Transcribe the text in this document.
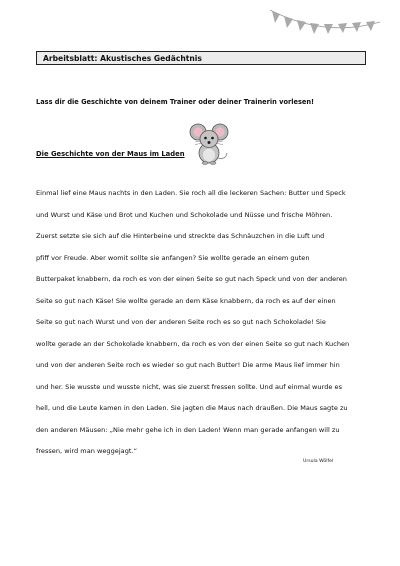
Arbeitsblatt: Akustisches Gedächtnis
Lass dir die Geschichte von deinem Trainer oder deiner Trainerin vorlesen!
Die Geschichte von der Maus im Laden
Einmal lief eine Maus nachts in den Laden. Sie roch all die leckeren Sachen: Butter und Speck
und Wurst und Käse und Brot und Kuchen und Schokolade und Nüsse und frische Möhren.
Zuerst setzte sie sich auf die Hinterbeine und streckte das Schnäuzchen in die Luft und
pfiff vor Freude. Aber womit sollte sie anfangen? Sie wollte gerade an einem guten
Butterpaket knabbern, da roch es von der einen Seite so gut nach Speck und von der anderen
Seite so gut nach Käse! Sie wollte gerade an dem Käse knabbern, da roch es auf der einen
Seite so gut nach Wurst und von der anderen Seite roch es so gut nach Schokolade! Sie
wollte gerade an der Schokolade knabbern, da roch es von der einen Seite so gut nach Kuchen
und von der anderen Seite roch es wieder so gut nach Butter! Die arme Maus lief immer hin
und her. Sie wusste und wusste nicht, was sie zuerst fressen sollte. Und auf einmal wurde es
hell, und die Leute kamen in den Laden. Sie jagten die Maus nach draußen. Die Maus sagte zu
den anderen Mäusen: „Nie mehr gehe ich in den Laden! Wenn man gerade anfangen will zu
fressen, wird man weggejagt.“
Ursula Wölfel
